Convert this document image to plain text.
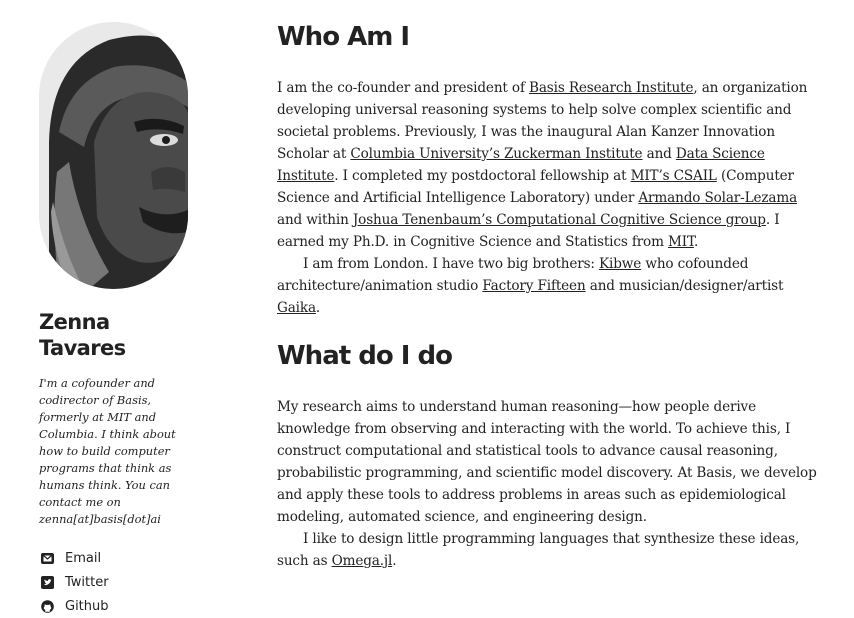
Zenna Tavares
I'm a cofounder and codirector of Basis, formerly at MIT and Columbia. I think about how to build computer programs that think as humans think. You can contact me on zenna[at]basis[dot]ai
Email
Twitter
Github
Who Am I

I am the co-founder and president of Basis Research Institute, an organization developing universal reasoning systems to help solve complex scientific and societal problems. Previously, I was the inaugural Alan Kanzer Innovation Scholar at Columbia University’s Zuckerman Institute and Data Science Institute. I completed my postdoctoral fellowship at MIT’s CSAIL (Computer Science and Artificial Intelligence Laboratory) under Armando Solar-Lezama and within Joshua Tenenbaum’s Computational Cognitive Science group. I earned my Ph.D. in Cognitive Science and Statistics from MIT.

I am from London. I have two big brothers: Kibwe who cofounded architecture/animation studio Factory Fifteen and musician/designer/artist Gaika.

What do I do

My research aims to understand human reasoning—how people derive knowledge from observing and interacting with the world. To achieve this, I construct computational and statistical tools to advance causal reasoning, probabilistic programming, and scientific model discovery. At Basis, we develop and apply these tools to address problems in areas such as epidemiological modeling, automated science, and engineering design.

I like to design little programming languages that synthesize these ideas, such as Omega.jl.
